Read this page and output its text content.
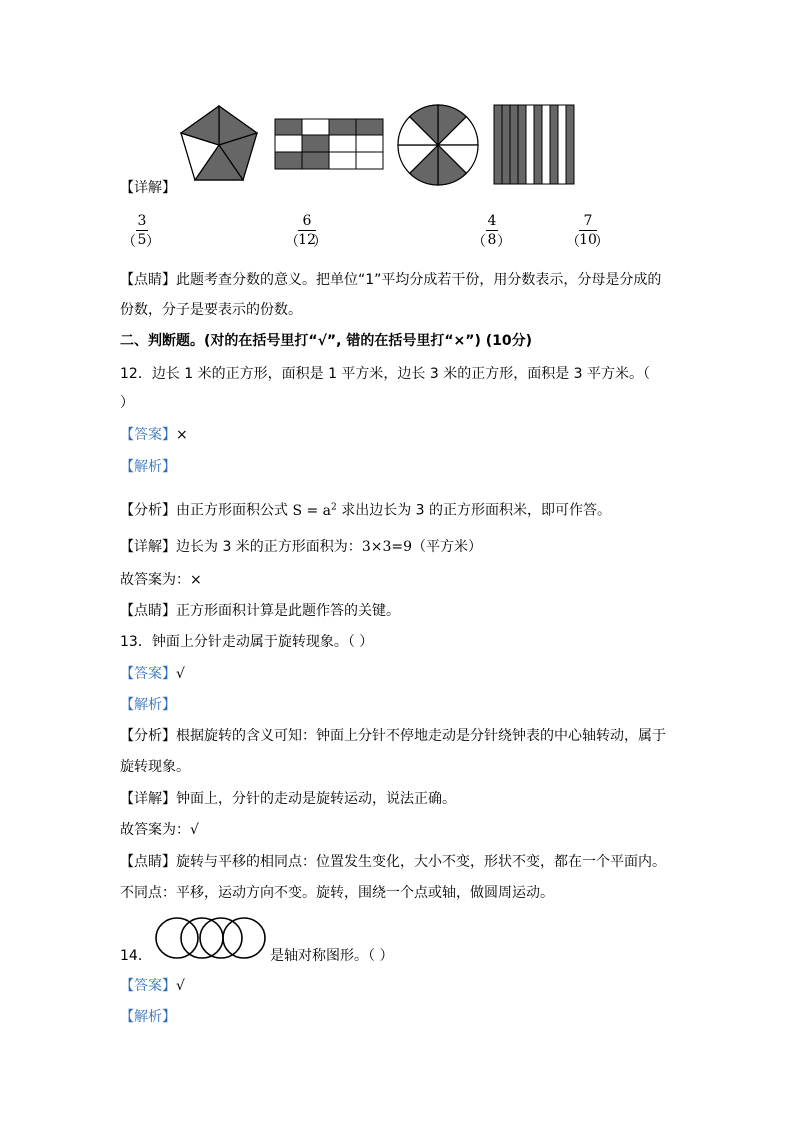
【详解】
3
5
（ ）
6
12
（ ）
4
8
（ ）
7
10
（ ）
【点睛】此题考查分数的意义。把单位“1”平均分成若干份，用分数表示，分母是分成的
份数，分子是要表示的份数。
二、判断题。(对的在括号里打“√”, 错的在括号里打“×”) (10分)
12．边长 1 米的正方形，面积是 1 平方米，边长 3 米的正方形，面积是 3 平方米。（
）
【答案】×
【解析】
【分析】由正方形面积公式 $S = a^2$ 求出边长为 3 的正方形面积米，即可作答。
【详解】边长为 3 米的正方形面积为：3×3=9（平方米）
故答案为：×
【点睛】正方形面积计算是此题作答的关键。
13．钟面上分针走动属于旋转现象。（ ）
【答案】√
【解析】
【分析】根据旋转的含义可知：钟面上分针不停地走动是分针绕钟表的中心轴转动，属于
旋转现象。
【详解】钟面上，分针的走动是旋转运动，说法正确。
故答案为：√
【点睛】旋转与平移的相同点：位置发生变化，大小不变，形状不变，都在一个平面内。
不同点：平移，运动方向不变。旋转，围绕一个点或轴，做圆周运动。
14．	是轴对称图形。（ ）
【答案】√
【解析】
